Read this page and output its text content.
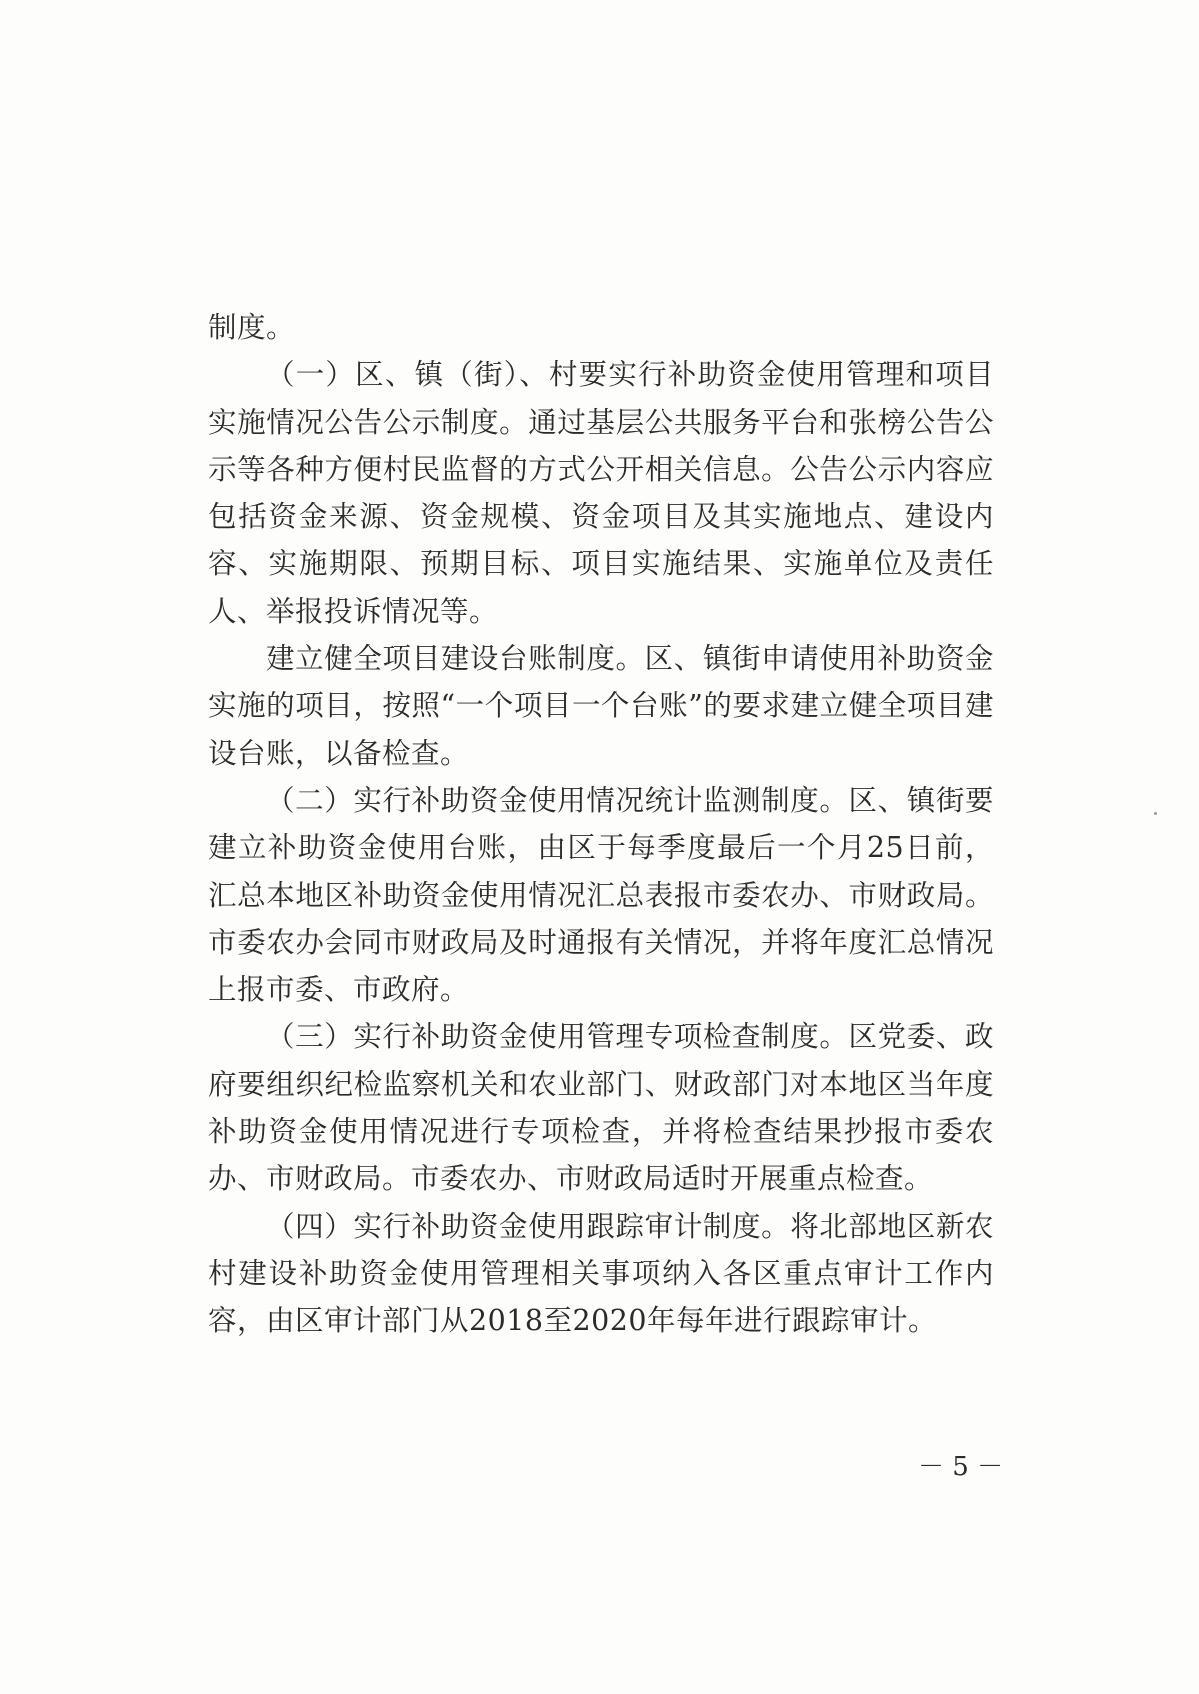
制度。

（一）区、镇（街）、村要实行补助资金使用管理和项目实施情况公告公示制度。通过基层公共服务平台和张榜公告公示等各种方便村民监督的方式公开相关信息。公告公示内容应包括资金来源、资金规模、资金项目及其实施地点、建设内容、实施期限、预期目标、项目实施结果、实施单位及责任人、举报投诉情况等。

建立健全项目建设台账制度。区、镇街申请使用补助资金实施的项目，按照“一个项目一个台账”的要求建立健全项目建设台账，以备检查。

（二）实行补助资金使用情况统计监测制度。区、镇街要建立补助资金使用台账，由区于每季度最后一个月25日前，汇总本地区补助资金使用情况汇总表报市委农办、市财政局。市委农办会同市财政局及时通报有关情况，并将年度汇总情况上报市委、市政府。

（三）实行补助资金使用管理专项检查制度。区党委、政府要组织纪检监察机关和农业部门、财政部门对本地区当年度补助资金使用情况进行专项检查，并将检查结果抄报市委农办、市财政局。市委农办、市财政局适时开展重点检查。

（四）实行补助资金使用跟踪审计制度。将北部地区新农村建设补助资金使用管理相关事项纳入各区重点审计工作内容，由区审计部门从2018至2020年每年进行跟踪审计。

－ 5 －
